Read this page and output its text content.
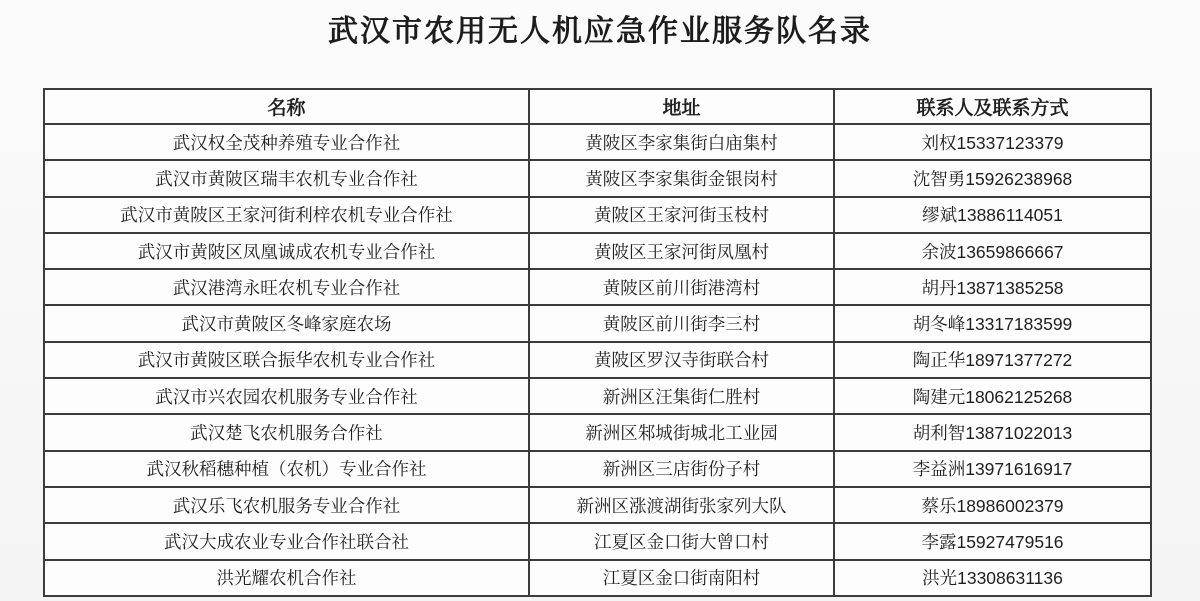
武汉市农用无人机应急作业服务队名录
名称	地址	联系人及联系方式
武汉权全茂种养殖专业合作社	黄陂区李家集街白庙集村	刘权15337123379
武汉市黄陂区瑞丰农机专业合作社	黄陂区李家集街金银岗村	沈智勇15926238968
武汉市黄陂区王家河街利梓农机专业合作社	黄陂区王家河街玉枝村	缪斌13886114051
武汉市黄陂区凤凰诚成农机专业合作社	黄陂区王家河街凤凰村	余波13659866667
武汉港湾永旺农机专业合作社	黄陂区前川街港湾村	胡丹13871385258
武汉市黄陂区冬峰家庭农场	黄陂区前川街李三村	胡冬峰13317183599
武汉市黄陂区联合振华农机专业合作社	黄陂区罗汉寺街联合村	陶正华18971377272
武汉市兴农园农机服务专业合作社	新洲区汪集街仁胜村	陶建元18062125268
武汉楚飞农机服务合作社	新洲区邾城街城北工业园	胡利智13871022013
武汉秋稻穗种植（农机）专业合作社	新洲区三店街份子村	李益洲13971616917
武汉乐飞农机服务专业合作社	新洲区涨渡湖街张家列大队	蔡乐18986002379
武汉大成农业专业合作社联合社	江夏区金口街大曾口村	李露15927479516
洪光耀农机合作社	江夏区金口街南阳村	洪光13308631136
